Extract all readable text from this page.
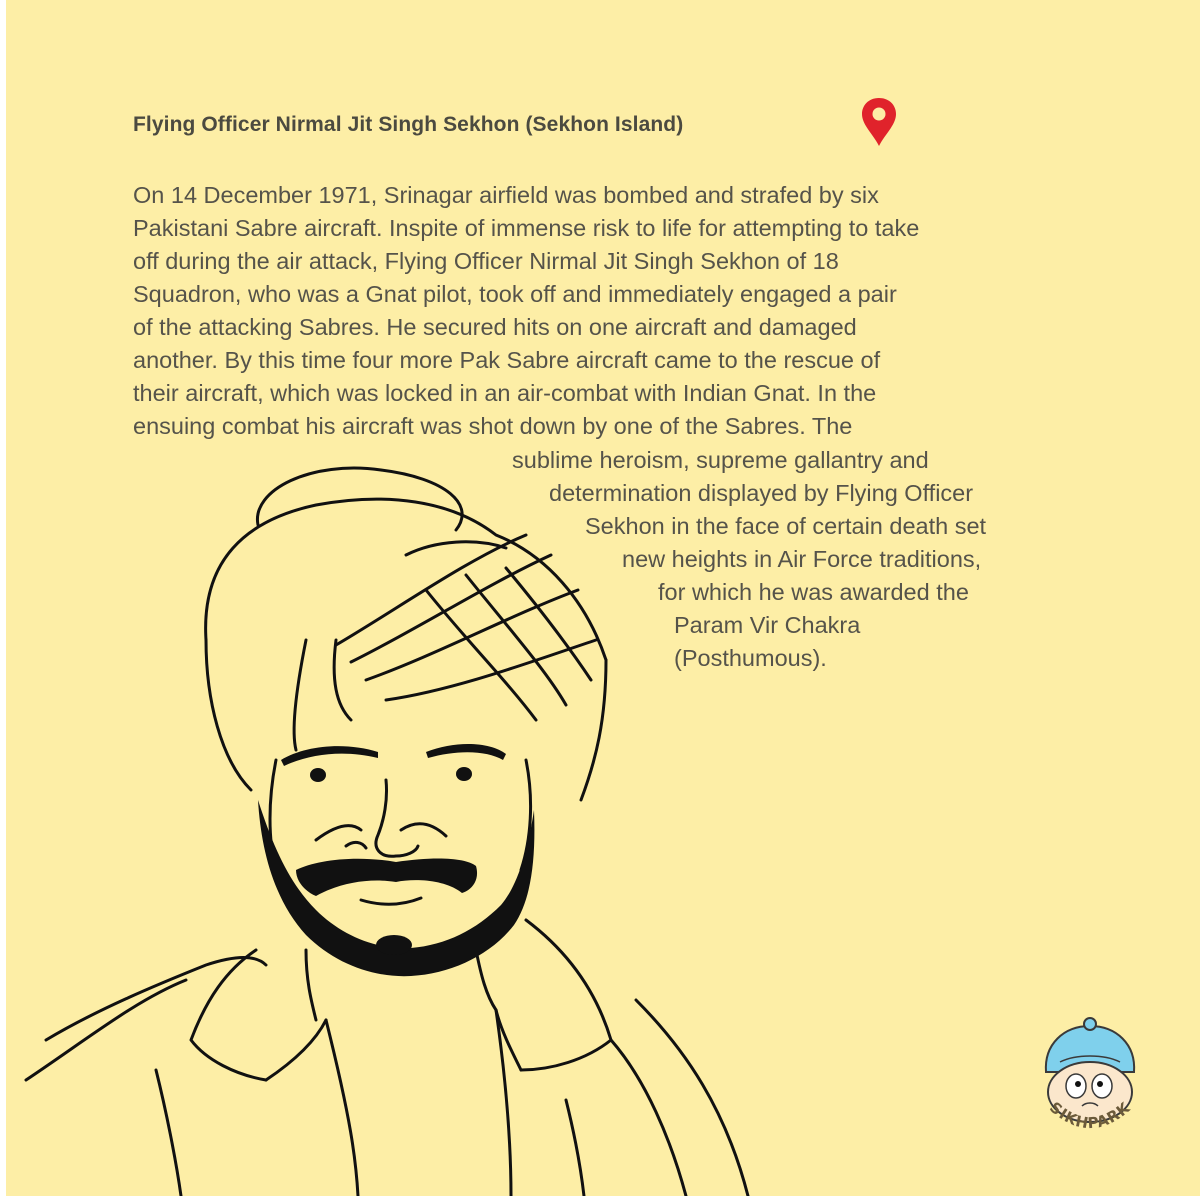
Flying Officer Nirmal Jit Singh Sekhon (Sekhon Island)
On 14 December 1971, Srinagar airfield was bombed and strafed by six
Pakistani Sabre aircraft. Inspite of immense risk to life for attempting to take
off during the air attack, Flying Officer Nirmal Jit Singh Sekhon of 18
Squadron, who was a Gnat pilot, took off and immediately engaged a pair
of the attacking Sabres. He secured hits on one aircraft and damaged
another. By this time four more Pak Sabre aircraft came to the rescue of
their aircraft, which was locked in an air-combat with Indian Gnat. In the
ensuing combat his aircraft was shot down by one of the Sabres. The
sublime heroism, supreme gallantry and
determination displayed by Flying Officer
Sekhon in the face of certain death set
new heights in Air Force traditions,
for which he was awarded the
Param Vir Chakra
(Posthumous).
SIKHPARK
